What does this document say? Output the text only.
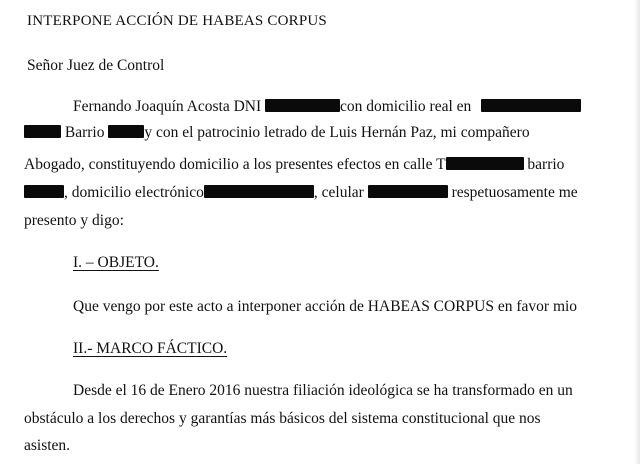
INTERPONE ACCIÓN DE HABEAS CORPUS
Señor Juez de Control
Fernando Joaquín Acosta DNI	con domicilio real en
Barrio	y con el patrocinio letrado de Luis Hernán Paz, mi compañero
Abogado, constituyendo domicilio a los presentes efectos en calle T	barrio
, domicilio electrónico	, celular	respetuosamente me
presento y digo:
I. – OBJETO.
Que vengo por este acto a interponer acción de HABEAS CORPUS en favor mio
II.- MARCO FÁCTICO.
Desde el 16 de Enero 2016 nuestra filiación ideológica se ha transformado en un
obstáculo a los derechos y garantías más básicos del sistema constitucional que nos
asisten.
